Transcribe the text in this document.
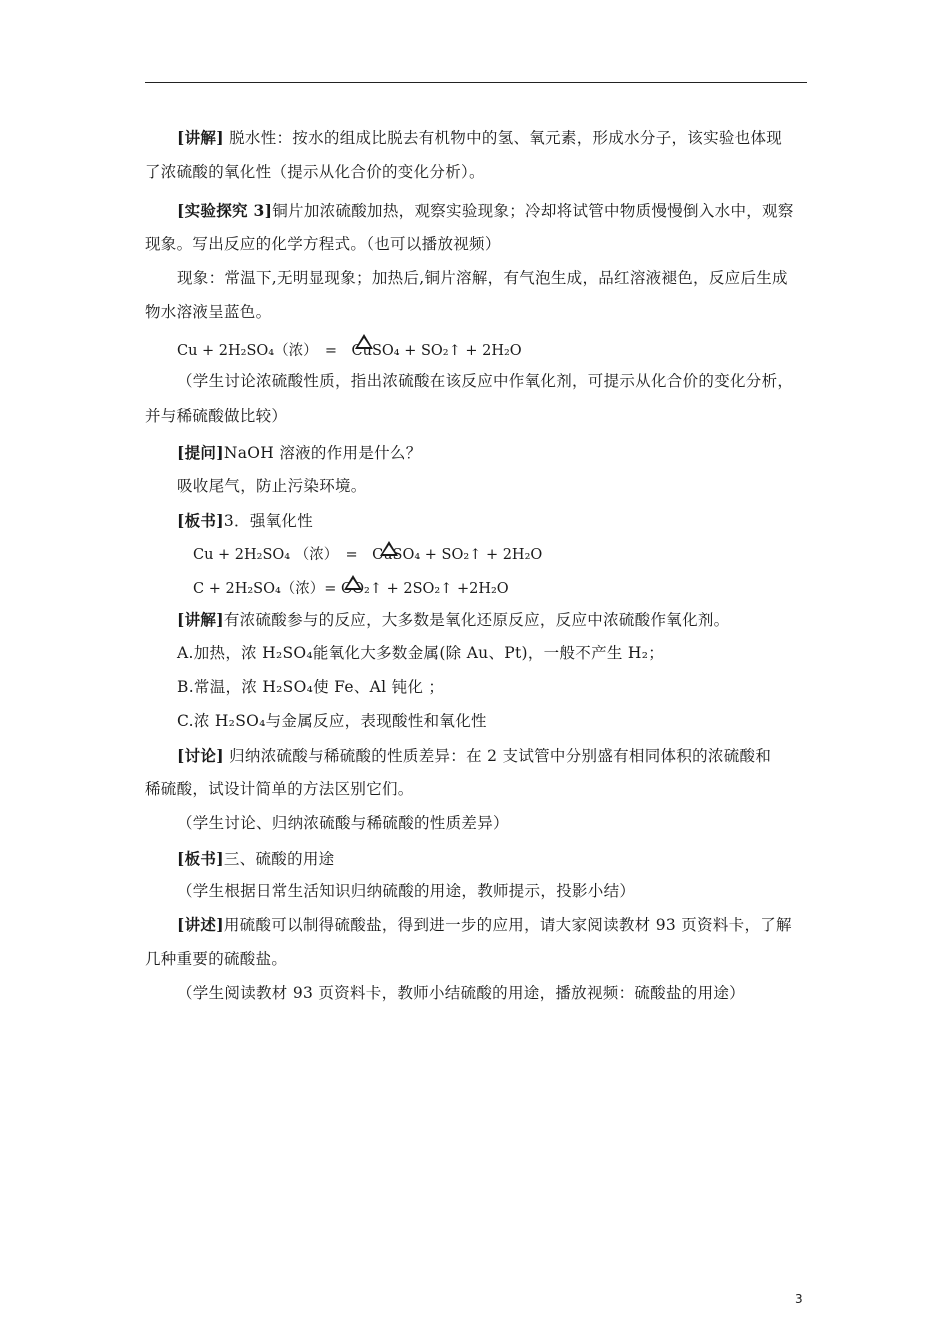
[讲解] 脱水性：按水的组成比脱去有机物中的氢、氧元素，形成水分子，该实验也体现
了浓硫酸的氧化性（提示从化合价的变化分析）。
[实验探究 3]铜片加浓硫酸加热，观察实验现象；冷却将试管中物质慢慢倒入水中，观察
现象。写出反应的化学方程式。（也可以播放视频）
现象：常温下,无明显现象；加热后,铜片溶解，有气泡生成，品红溶液褪色，反应后生成
物水溶液呈蓝色。
Cu + 2H₂SO₄（浓）　=　CuSO₄ + SO₂↑ + 2H₂O
（学生讨论浓硫酸性质，指出浓硫酸在该反应中作氧化剂，可提示从化合价的变化分析，
并与稀硫酸做比较）
[提问]NaOH 溶液的作用是什么？
吸收尾气，防止污染环境。
[板书]3．强氧化性
Cu + 2H₂SO₄ （浓）　=　CuSO₄ + SO₂↑ + 2H₂O
C + 2H₂SO₄（浓）= CO₂↑ + 2SO₂↑ +2H₂O
[讲解]有浓硫酸参与的反应，大多数是氧化还原反应，反应中浓硫酸作氧化剂。
A.加热，浓 H₂SO₄能氧化大多数金属(除 Au、Pt)，一般不产生 H₂；
B.常温，浓 H₂SO₄使 Fe、Al 钝化 ；
C.浓 H₂SO₄与金属反应，表现酸性和氧化性
[讨论] 归纳浓硫酸与稀硫酸的性质差异：在 2 支试管中分别盛有相同体积的浓硫酸和
稀硫酸，试设计简单的方法区别它们。
（学生讨论、归纳浓硫酸与稀硫酸的性质差异）
[板书]三、硫酸的用途
（学生根据日常生活知识归纳硫酸的用途，教师提示，投影小结）
[讲述]用硫酸可以制得硫酸盐，得到进一步的应用，请大家阅读教材 93 页资料卡，了解
几种重要的硫酸盐。
（学生阅读教材 93 页资料卡，教师小结硫酸的用途，播放视频：硫酸盐的用途）
3
